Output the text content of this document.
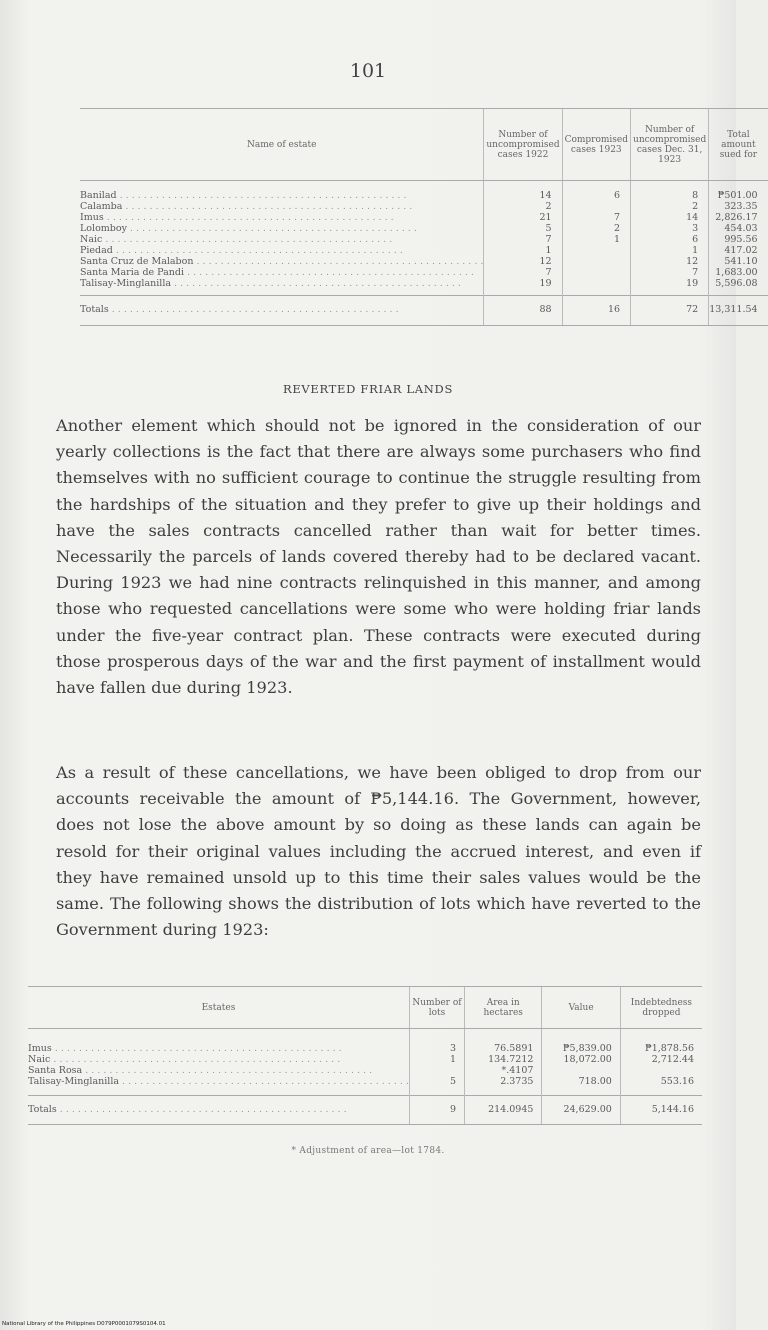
101
Name of estate	Number of uncompromised cases 1922	Compromised cases 1923	Number of uncompromised cases Dec. 31, 1923	Total amount sued for
Banilad . . .	14	6	8	₱501.00
Calamba . . .	2		2	323.35
Imus . . .	21	7	14	2,826.17
Lolomboy . . .	5	2	3	454.03
Naic . . .	7	1	6	995.56
Piedad . . .	1		1	417.02
Santa Cruz de Malabon . . .	12		12	541.10
Santa Maria de Pandi . . .	7		7	1,683.00
Talisay-Minglanilla . . .	19		19	5,596.08
Totals . . .	88	16	72	13,311.54
REVERTED FRIAR LANDS

Another element which should not be ignored in the consideration of our yearly collections is the fact that there are always some purchasers who find themselves with no sufficient courage to continue the struggle resulting from the hardships of the situation and they prefer to give up their holdings and have the sales contracts cancelled rather than wait for better times. Necessarily the parcels of lands covered thereby had to be declared vacant. During 1923 we had nine contracts relinquished in this manner, and among those who requested cancellations were some who were holding friar lands under the five-year contract plan. These contracts were executed during those prosperous days of the war and the first payment of installment would have fallen due during 1923.

As a result of these cancellations, we have been obliged to drop from our accounts receivable the amount of ₱5,144.16. The Government, however, does not lose the above amount by so doing as these lands can again be resold for their original values including the accrued interest, and even if they have remained unsold up to this time their sales values would be the same. The following shows the distribution of lots which have reverted to the Government during 1923:

Estates	Number of lots	Area in hectares	Value	Indebtedness dropped
Imus . . .	3	76.5891	₱5,839.00	₱1,878.56
Naic . . .	1	134.7212	18,072.00	2,712.44
Santa Rosa . . .		*.4107		
Talisay-Minglanilla . . .	5	2.3735	718.00	553.16
Totals . . .	9	214.0945	24,629.00	5,144.16
* Adjustment of area—lot 1784.
National Library of the Philippines D079P0001079S0104.01
